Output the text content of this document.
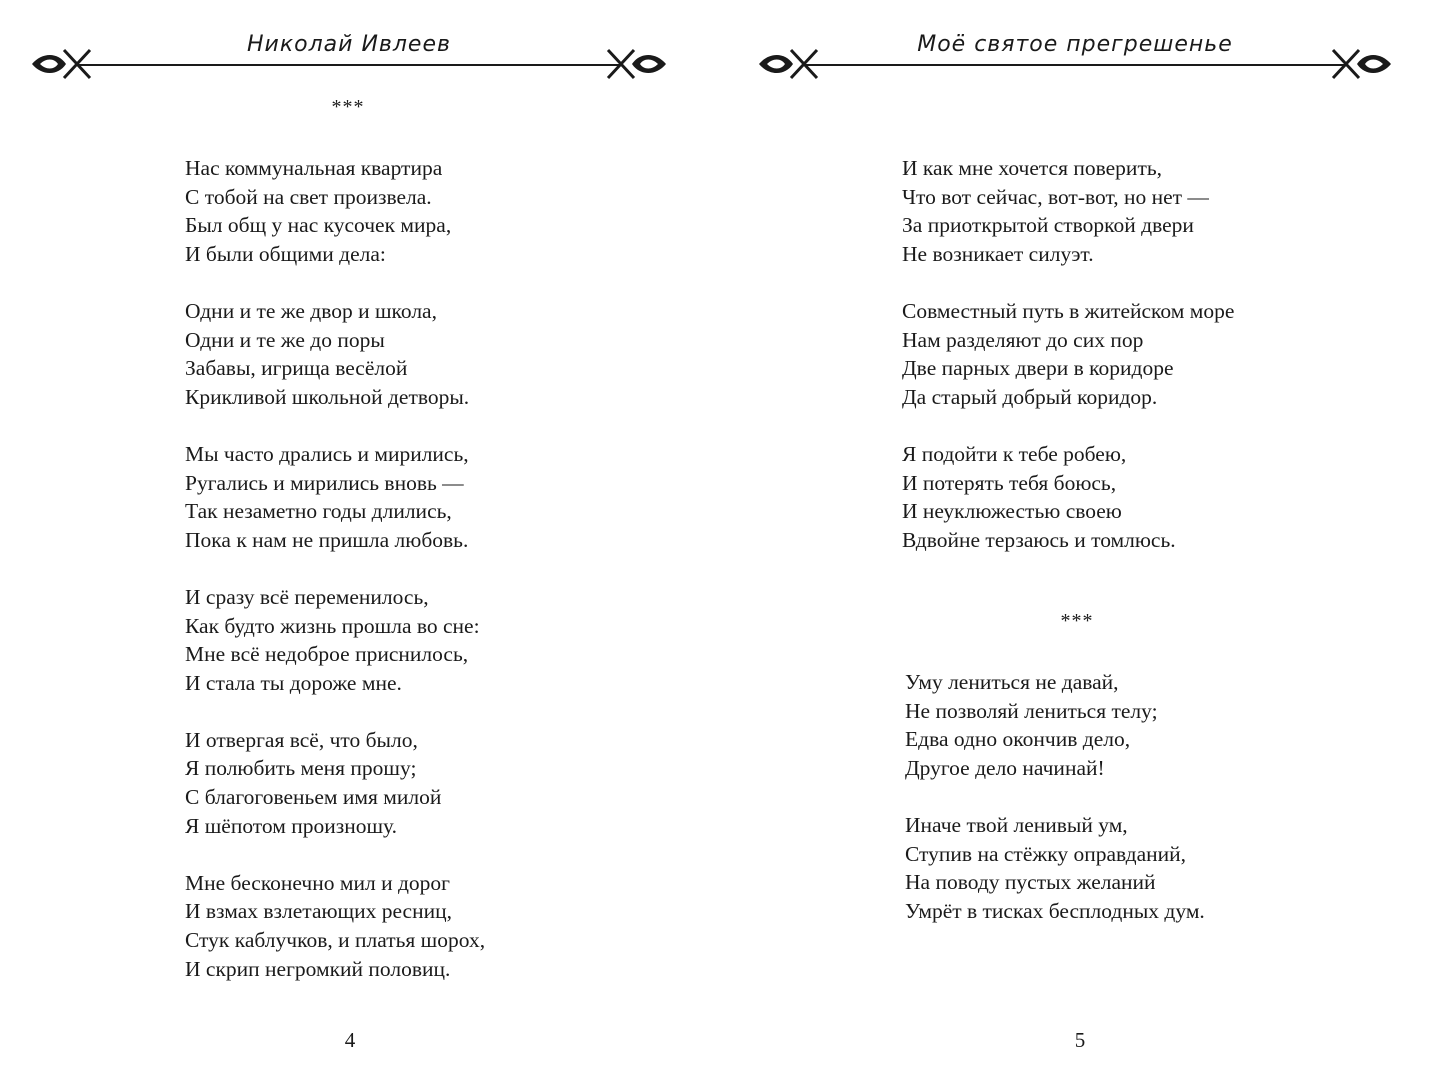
Николай Ивлеев
***
Нас коммунальная квартира
С тобой на свет произвела.
Был общ у нас кусочек мира,
И были общими дела:
Одни и те же двор и школа,
Одни и те же до поры
Забавы, игрища весёлой
Крикливой школьной детворы.
Мы часто дрались и мирились,
Ругались и мирились вновь —
Так незаметно годы длились,
Пока к нам не пришла любовь.
И сразу всё переменилось,
Как будто жизнь прошла во сне:
Мне всё недоброе приснилось,
И стала ты дороже мне.
И отвергая всё, что было,
Я полюбить меня прошу;
С благоговеньем имя милой
Я шёпотом произношу.
Мне бесконечно мил и дорог
И взмах взлетающих ресниц,
Стук каблучков, и платья шорох,
И скрип негромкий половиц.
4
Моё святое прегрешенье
И как мне хочется поверить,
Что вот сейчас, вот-вот, но нет —
За приоткрытой створкой двери
Не возникает силуэт.
Совместный путь в житейском море
Нам разделяют до сих пор
Две парных двери в коридоре
Да старый добрый коридор.
Я подойти к тебе робею,
И потерять тебя боюсь,
И неуклюжестью своею
Вдвойне терзаюсь и томлюсь.
***
Уму лениться не давай,
Не позволяй лениться телу;
Едва одно окончив дело,
Другое дело начинай!
Иначе твой ленивый ум,
Ступив на стёжку оправданий,
На поводу пустых желаний
Умрёт в тисках бесплодных дум.
5
